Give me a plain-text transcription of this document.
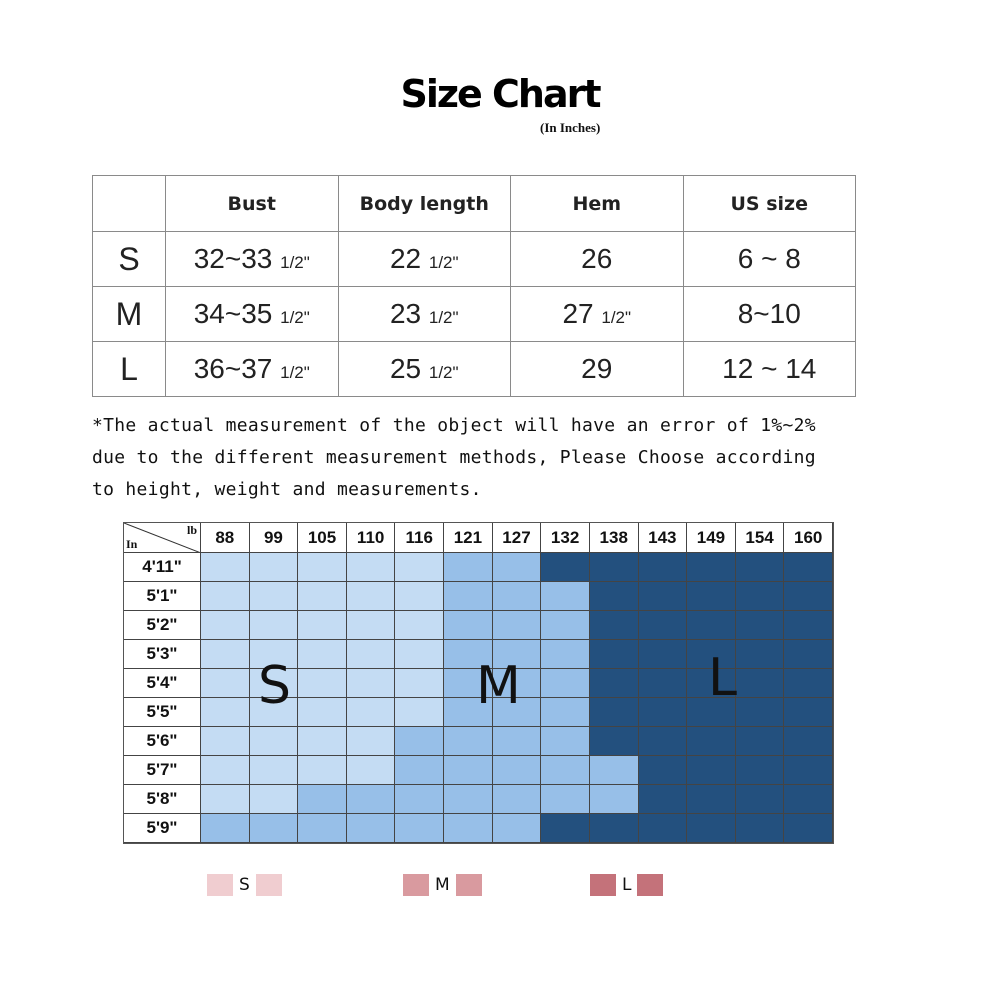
Size Chart
(In Inches)
	Bust	Body length	Hem	US size
S	32~33 1/2"	22 1/2"	26	6 ~ 8
M	34~35 1/2"	23 1/2"	27 1/2"	8~10
L	36~37 1/2"	25 1/2"	29	12 ~ 14
*The actual measurement of the object will have an error of 1%~2%
due to the different measurement methods, Please Choose according
to height, weight and measurements.
In
lb	88	99	105	110	116	121	127	132	138	143	149	154	160
4'11"
5'1"
5'2"
5'3"
5'4"
5'5"
5'6"
5'7"
5'8"
5'9"
S	M	L
S	M	L
